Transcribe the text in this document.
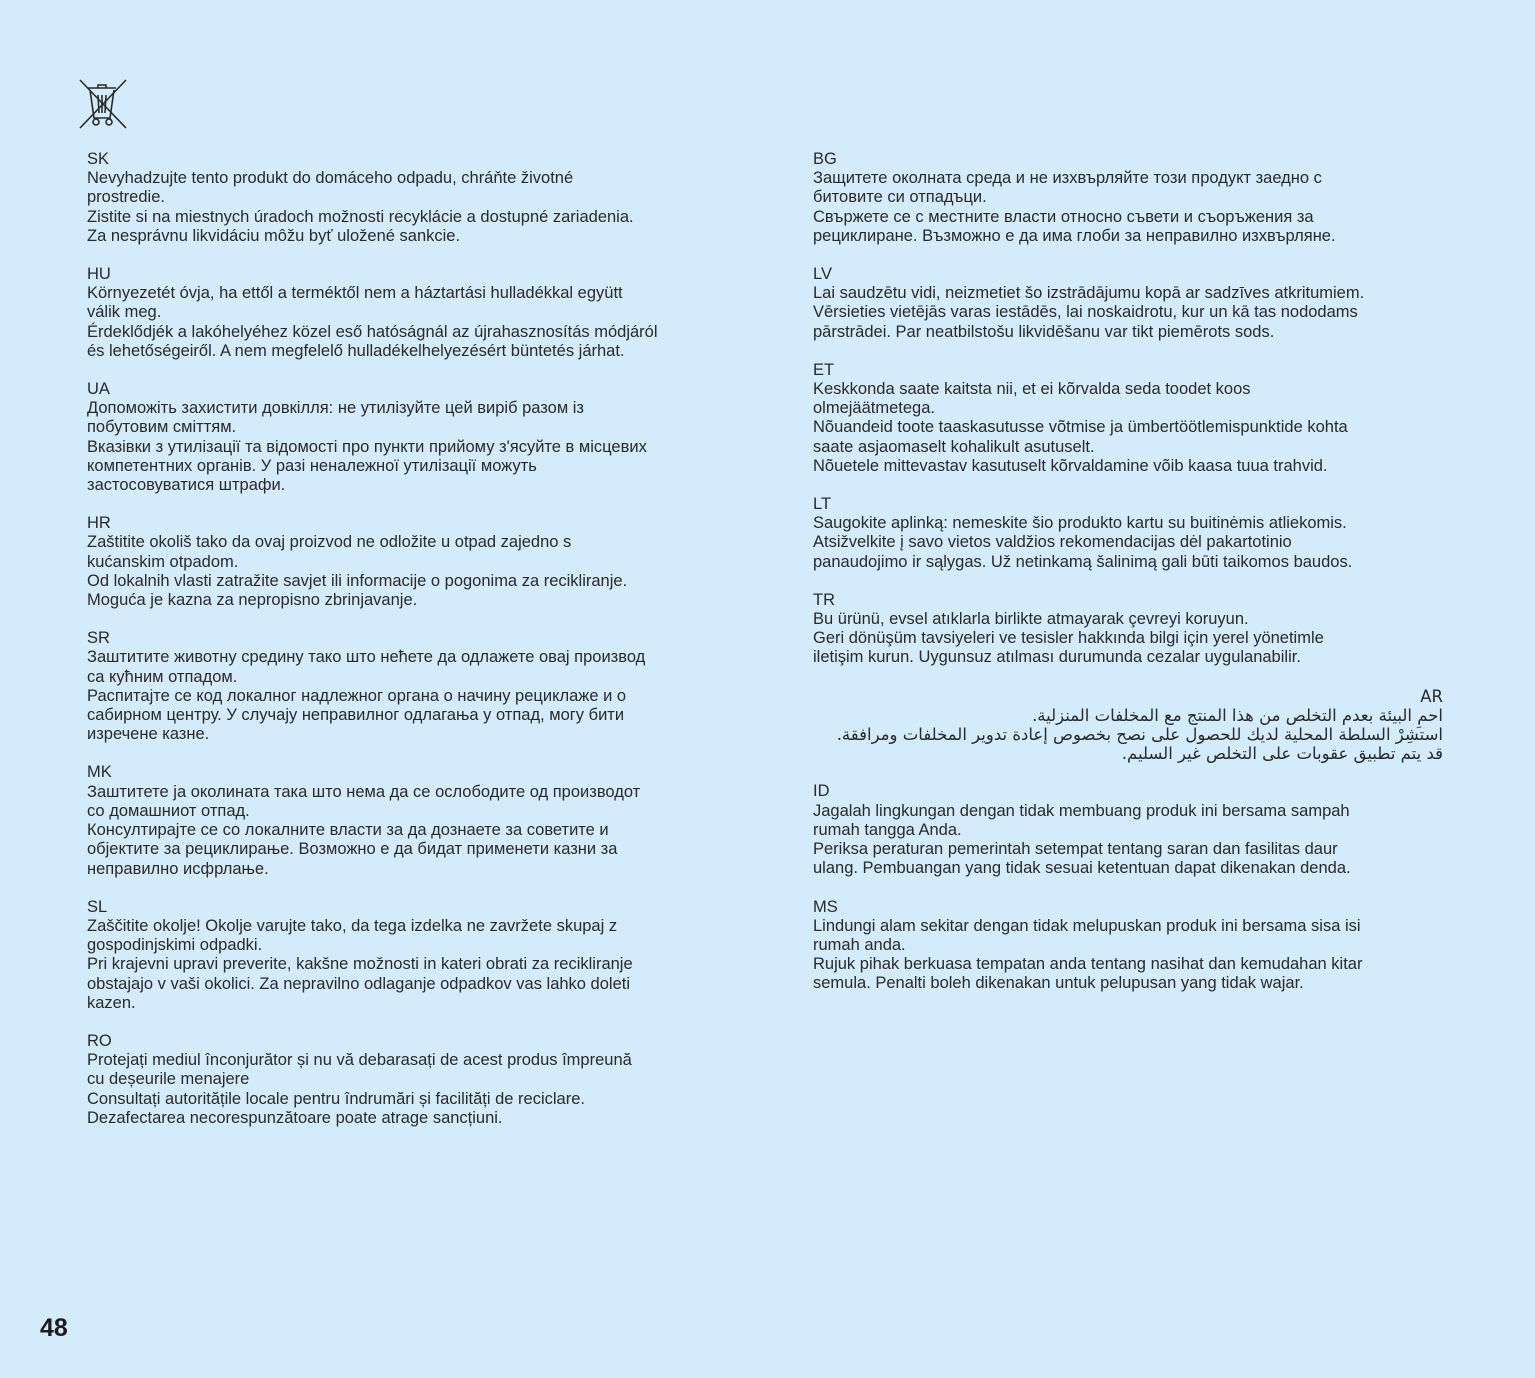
SK
Nevyhadzujte tento produkt do domáceho odpadu, chráňte životné
prostredie.
Zistite si na miestnych úradoch možnosti recyklácie a dostupné zariadenia.
Za nesprávnu likvidáciu môžu byť uložené sankcie.
HU
Környezetét óvja, ha ettől a terméktől nem a háztartási hulladékkal együtt
válik meg.
Érdeklődjék a lakóhelyéhez közel eső hatóságnál az újrahasznosítás módjáról
és lehetőségeiről. A nem megfelelő hulladékelhelyezésért büntetés járhat.
UA
Допоможіть захистити довкілля: не утилізуйте цей виріб разом із
побутовим сміттям.
Вказівки з утилізації та відомості про пункти прийому з'ясуйте в місцевих
компетентних органів. У разі неналежної утилізації можуть
застосовуватися штрафи.
HR
Zaštitite okoliš tako da ovaj proizvod ne odložite u otpad zajedno s
kućanskim otpadom.
Od lokalnih vlasti zatražite savjet ili informacije o pogonima za recikliranje.
Moguća je kazna za nepropisno zbrinjavanje.
SR
Заштитите животну средину тако што нећете да одлажете овај производ
са кућним отпадом.
Распитајте се код локалног надлежног органа о начину рециклаже и о
сабирном центру. У случају неправилног одлагања у отпад, могу бити
изречене казне.
MK
Заштитете ја околината така што нема да се ослободите од производот
со домашниот отпад.
Консултирајте се со локалните власти за да дознаете за советите и
објектите за рециклирање. Возможно е да бидат применети казни за
неправилно исфрлање.
SL
Zaščitite okolje! Okolje varujte tako, da tega izdelka ne zavržete skupaj z
gospodinjskimi odpadki.
Pri krajevni upravi preverite, kakšne možnosti in kateri obrati za recikliranje
obstajajo v vaši okolici. Za nepravilno odlaganje odpadkov vas lahko doleti
kazen.
RO
Protejați mediul înconjurător și nu vă debarasați de acest produs împreună
cu deșeurile menajere
Consultați autoritățile locale pentru îndrumări și facilități de reciclare.
Dezafectarea necorespunzătoare poate atrage sancțiuni.
BG
Защитете околната среда и не изхвърляйте този продукт заедно с
битовите си отпадъци.
Свържете се с местните власти относно съвети и съоръжения за
рециклиране. Възможно е да има глоби за неправилно изхвърляне.
LV
Lai saudzētu vidi, neizmetiet šo izstrādājumu kopā ar sadzīves atkritumiem.
Vērsieties vietējās varas iestādēs, lai noskaidrotu, kur un kā tas nododams
pārstrādei. Par neatbilstošu likvidēšanu var tikt piemērots sods.
ET
Keskkonda saate kaitsta nii, et ei kõrvalda seda toodet koos
olmejäätmetega.
Nõuandeid toote taaskasutusse võtmise ja ümbertöötlemispunktide kohta
saate asjaomaselt kohalikult asutuselt.
Nõuetele mittevastav kasutuselt kõrvaldamine võib kaasa tuua trahvid.
LT
Saugokite aplinką: nemeskite šio produkto kartu su buitinėmis atliekomis.
Atsižvelkite į savo vietos valdžios rekomendacijas dėl pakartotinio
panaudojimo ir sąlygas. Už netinkamą šalinimą gali būti taikomos baudos.
TR
Bu ürünü, evsel atıklarla birlikte atmayarak çevreyi koruyun.
Geri dönüşüm tavsiyeleri ve tesisler hakkında bilgi için yerel yönetimle
iletişim kurun. Uygunsuz atılması durumunda cezalar uygulanabilir.
AR
احمِ البيئة بعدم التخلص من هذا المنتج مع المخلفات المنزلية.
استشِرْ السلطة المحلية لديك للحصول على نصح بخصوص إعادة تدوير المخلفات ومرافقة.
قد يتم تطبيق عقوبات على التخلص غير السليم.
ID
Jagalah lingkungan dengan tidak membuang produk ini bersama sampah
rumah tangga Anda.
Periksa peraturan pemerintah setempat tentang saran dan fasilitas daur
ulang. Pembuangan yang tidak sesuai ketentuan dapat dikenakan denda.
MS
Lindungi alam sekitar dengan tidak melupuskan produk ini bersama sisa isi
rumah anda.
Rujuk pihak berkuasa tempatan anda tentang nasihat dan kemudahan kitar
semula. Penalti boleh dikenakan untuk pelupusan yang tidak wajar.
48
